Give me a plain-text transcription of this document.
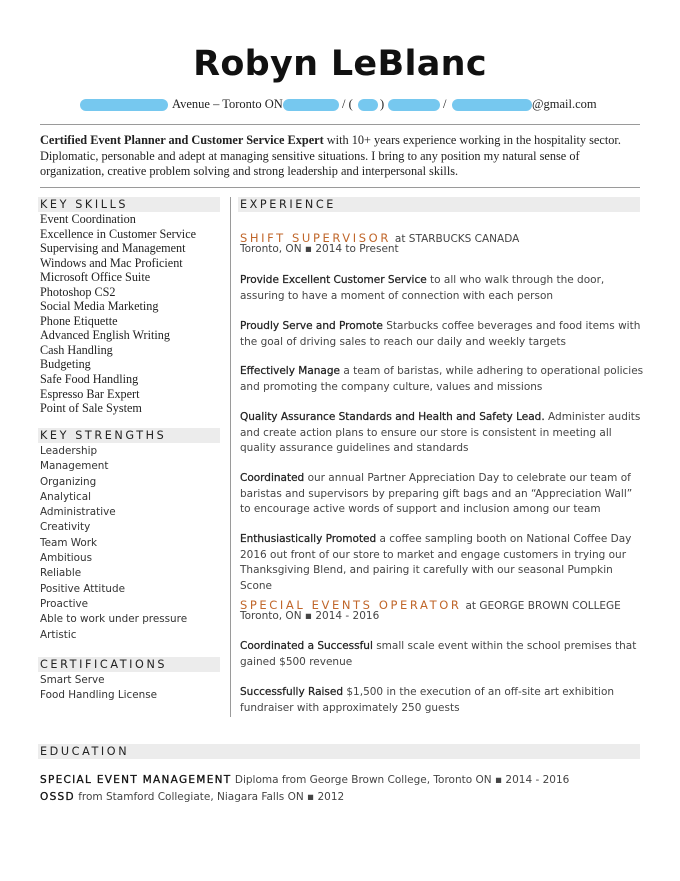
Robyn LeBlanc
Avenue – Toronto ON	/ ( )	/	@gmail.com

Certified Event Planner and Customer Service Expert with 10+ years experience working in the hospitality sector. Diplomatic, personable and adept at managing sensitive situations. I bring to any position my natural sense of organization, creative problem solving and strong leadership and interpersonal skills.

KEY SKILLS
Event Coordination
Excellence in Customer Service
Supervising and Management
Windows and Mac Proficient
Microsoft Office Suite
Photoshop CS2
Social Media Marketing
Phone Etiquette
Advanced English Writing
Cash Handling
Budgeting
Safe Food Handling
Espresso Bar Expert
Point of Sale System
KEY STRENGTHS
Leadership
Management
Organizing
Analytical
Administrative
Creativity
Team Work
Ambitious
Reliable
Positive Attitude
Proactive
Able to work under pressure
Artistic
CERTIFICATIONS
Smart Serve
Food Handling License
EXPERIENCE
SHIFT SUPERVISOR at STARBUCKS CANADA
Toronto, ON ▪ 2014 to Present

Provide Excellent Customer Service to all who walk through the door, assuring to have a moment of connection with each person

Proudly Serve and Promote Starbucks coffee beverages and food items with the goal of driving sales to reach our daily and weekly targets

Effectively Manage a team of baristas, while adhering to operational policies and promoting the company culture, values and missions

Quality Assurance Standards and Health and Safety Lead. Administer audits and create action plans to ensure our store is consistent in meeting all quality assurance guidelines and standards

Coordinated our annual Partner Appreciation Day to celebrate our team of baristas and supervisors by preparing gift bags and an “Appreciation Wall” to encourage active words of support and inclusion among our team

Enthusiastically Promoted a coffee sampling booth on National Coffee Day 2016 out front of our store to market and engage customers in trying our Thanksgiving Blend, and pairing it carefully with our seasonal Pumpkin Scone

SPECIAL EVENTS OPERATOR at GEORGE BROWN COLLEGE
Toronto, ON ▪ 2014 - 2016

Coordinated a Successful small scale event within the school premises that gained $500 revenue

Successfully Raised $1,500 in the execution of an off-site art exhibition fundraiser with approximately 250 guests

EDUCATION
SPECIAL EVENT MANAGEMENT Diploma from George Brown College, Toronto ON ▪ 2014 - 2016
OSSD from Stamford Collegiate, Niagara Falls ON ▪ 2012
